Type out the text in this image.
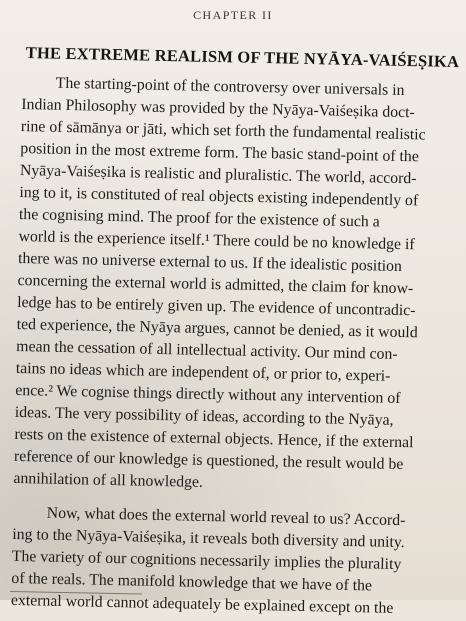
CHAPTER II
THE EXTREME REALISM OF THE NYĀYA-VAIŚEṢIKA
The starting-point of the controversy over universals in
Indian Philosophy was provided by the Nyāya-Vaiśeṣika doct-
rine of sāmānya or jāti, which set forth the fundamental realistic
position in the most extreme form. The basic stand-point of the
Nyāya-Vaiśeṣika is realistic and pluralistic. The world, accord-
ing to it, is constituted of real objects existing independently of
the cognising mind. The proof for the existence of such a
world is the experience itself.¹ There could be no knowledge if
there was no universe external to us. If the idealistic position
concerning the external world is admitted, the claim for know-
ledge has to be entirely given up. The evidence of uncontradic-
ted experience, the Nyāya argues, cannot be denied, as it would
mean the cessation of all intellectual activity. Our mind con-
tains no ideas which are independent of, or prior to, experi-
ence.² We cognise things directly without any intervention of
ideas. The very possibility of ideas, according to the Nyāya,
rests on the existence of external objects. Hence, if the external
reference of our knowledge is questioned, the result would be
annihilation of all knowledge.
Now, what does the external world reveal to us? Accord-
ing to the Nyāya-Vaiśeṣika, it reveals both diversity and unity.
The variety of our cognitions necessarily implies the plurality
of the reals. The manifold knowledge that we have of the
external world cannot adequately be explained except on the
